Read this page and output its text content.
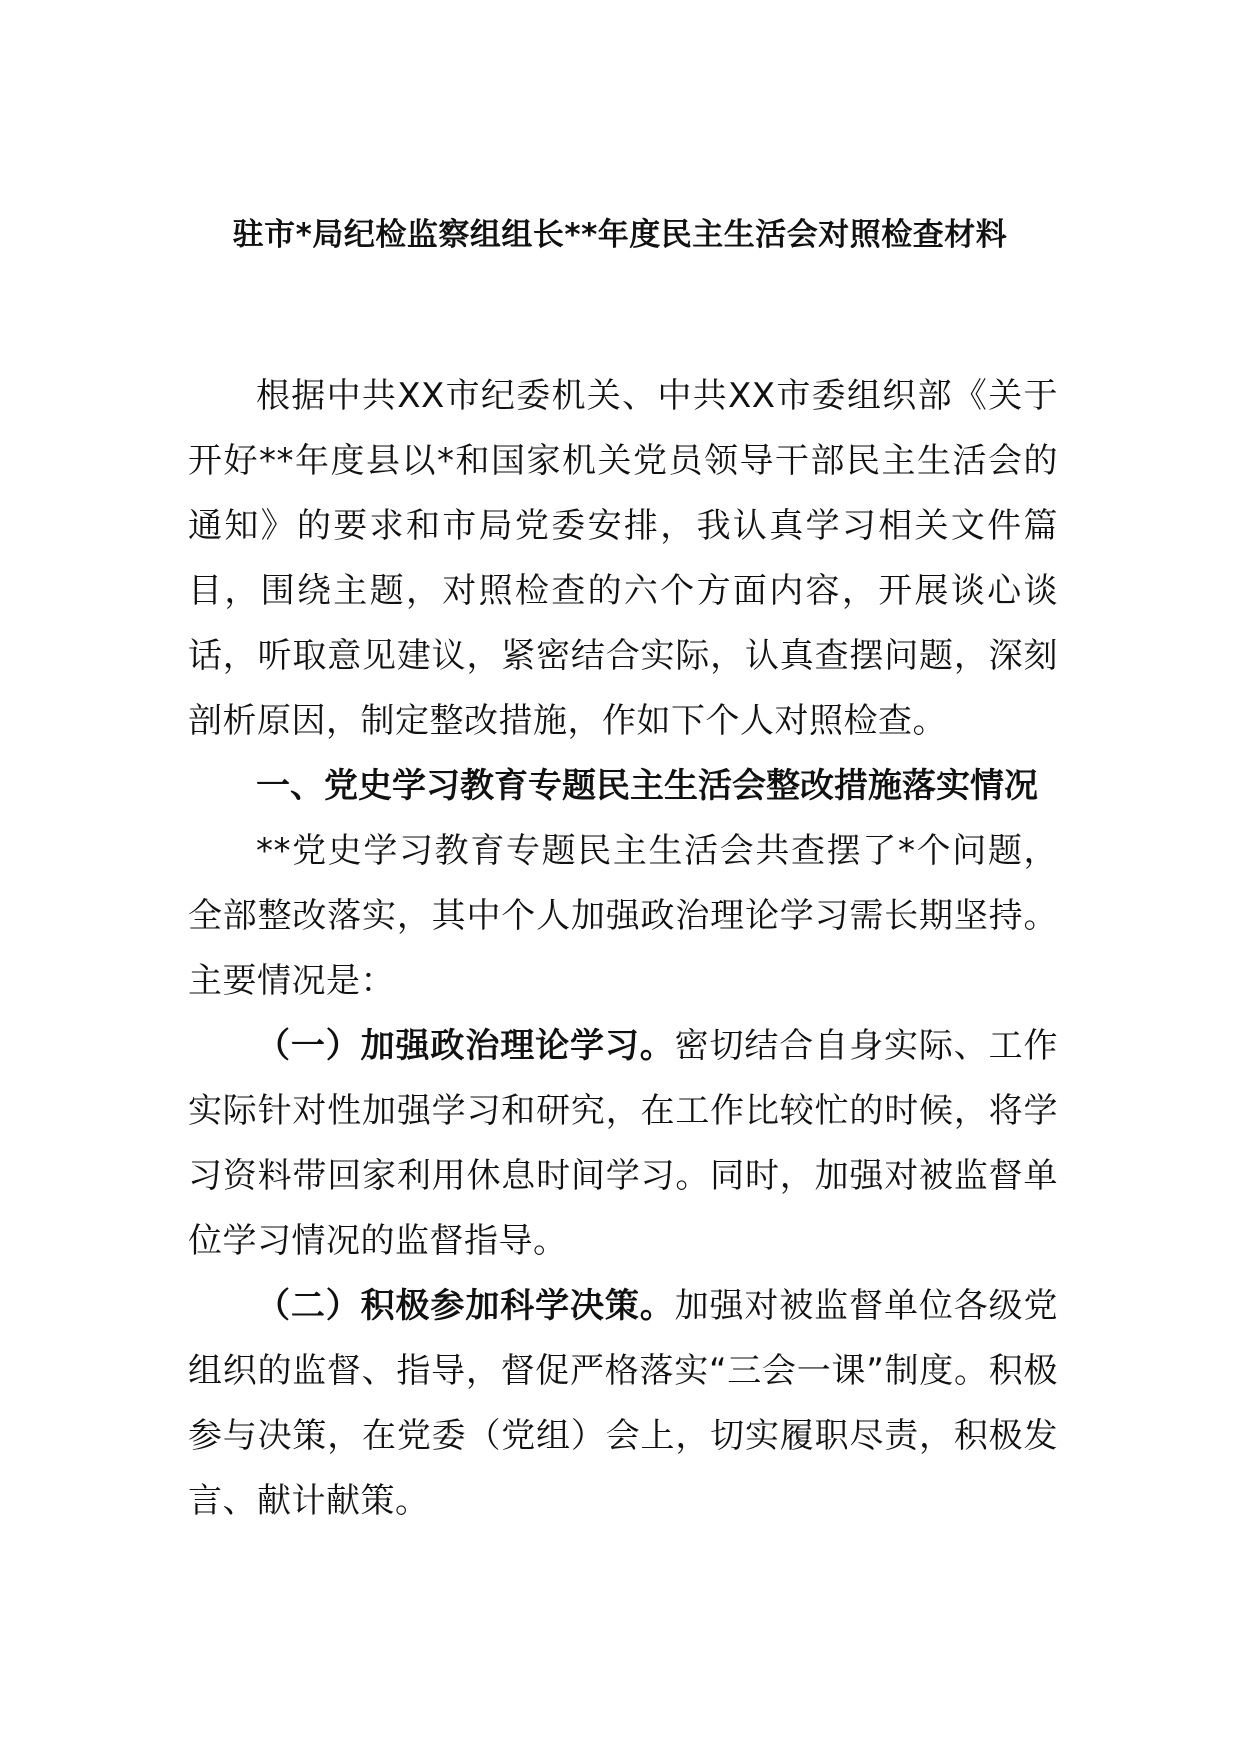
驻市*局纪检监察组组长**年度民主生活会对照检查材料

根据中共XX市纪委机关、中共XX市委组织部《关于开好**年度县以*和国家机关党员领导干部民主生活会的通知》的要求和市局党委安排，我认真学习相关文件篇目，围绕主题，对照检查的六个方面内容，开展谈心谈话，听取意见建议，紧密结合实际，认真查摆问题，深刻剖析原因，制定整改措施，作如下个人对照检查。

一、党史学习教育专题民主生活会整改措施落实情况

**党史学习教育专题民主生活会共查摆了*个问题，全部整改落实，其中个人加强政治理论学习需长期坚持。主要情况是：

（一）加强政治理论学习。密切结合自身实际、工作实际针对性加强学习和研究，在工作比较忙的时候，将学习资料带回家利用休息时间学习。同时，加强对被监督单位学习情况的监督指导。

（二）积极参加科学决策。加强对被监督单位各级党组织的监督、指导，督促严格落实“三会一课”制度。积极参与决策，在党委（党组）会上，切实履职尽责，积极发言、献计献策。
